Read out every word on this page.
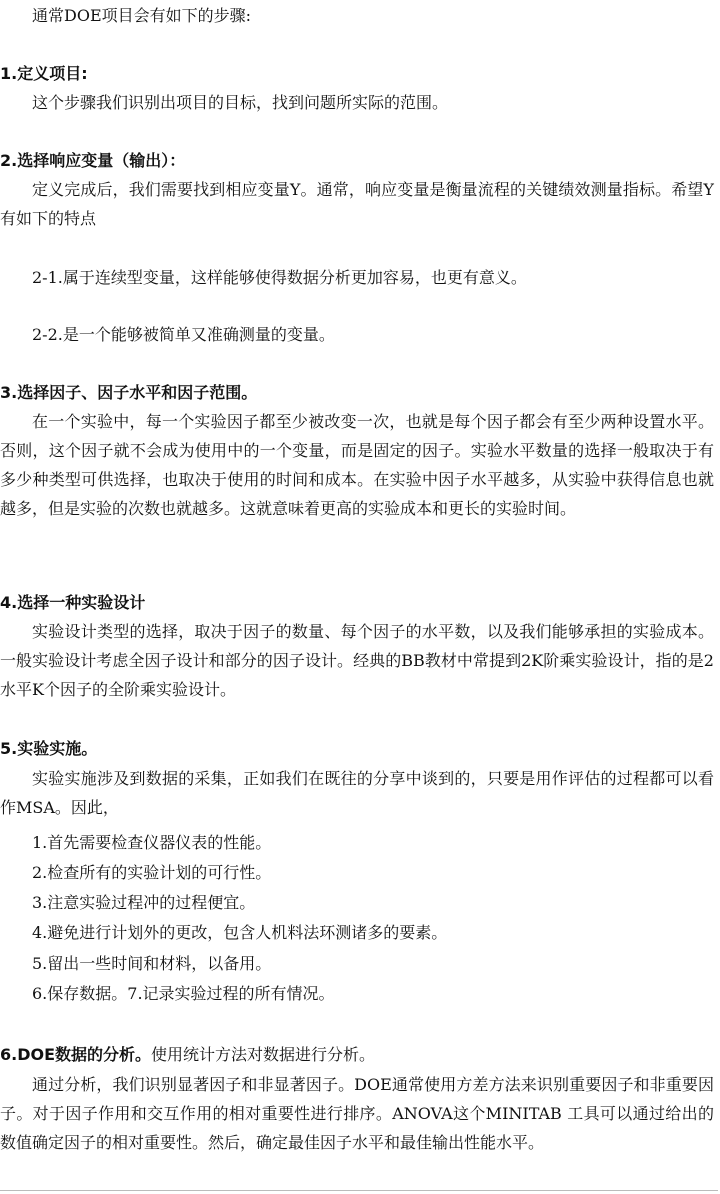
通常DOE项目会有如下的步骤:
1.定义项目:
这个步骤我们识别出项目的目标，找到问题所实际的范围。
2.选择响应变量（输出）：
定义完成后，我们需要找到相应变量Y。通常，响应变量是衡量流程的关键绩效测量指标。希望Y有如下的特点
2-1.属于连续型变量，这样能够使得数据分析更加容易，也更有意义。
2-2.是一个能够被简单又准确测量的变量。
3.选择因子、因子水平和因子范围。
在一个实验中，每一个实验因子都至少被改变一次，也就是每个因子都会有至少两种设置水平。否则，这个因子就不会成为使用中的一个变量，而是固定的因子。实验水平数量的选择一般取决于有多少种类型可供选择，也取决于使用的时间和成本。在实验中因子水平越多，从实验中获得信息也就越多，但是实验的次数也就越多。这就意味着更高的实验成本和更长的实验时间。
4.选择一种实验设计
实验设计类型的选择，取决于因子的数量、每个因子的水平数，以及我们能够承担的实验成本。一般实验设计考虑全因子设计和部分的因子设计。经典的BB教材中常提到2K阶乘实验设计，指的是2水平K个因子的全阶乘实验设计。
5.实验实施。
实验实施涉及到数据的采集，正如我们在既往的分享中谈到的，只要是用作评估的过程都可以看作MSA。因此，
1.首先需要检查仪器仪表的性能。
2.检查所有的实验计划的可行性。
3.注意实验过程冲的过程便宜。
4.避免进行计划外的更改，包含人机料法环测诸多的要素。
5.留出一些时间和材料，以备用。
6.保存数据。7.记录实验过程的所有情况。
6.DOE数据的分析。使用统计方法对数据进行分析。
通过分析，我们识别显著因子和非显著因子。DOE通常使用方差方法来识别重要因子和非重要因子。对于因子作用和交互作用的相对重要性进行排序。ANOVA这个MINITAB 工具可以通过给出的数值确定因子的相对重要性。然后，确定最佳因子水平和最佳输出性能水平。
